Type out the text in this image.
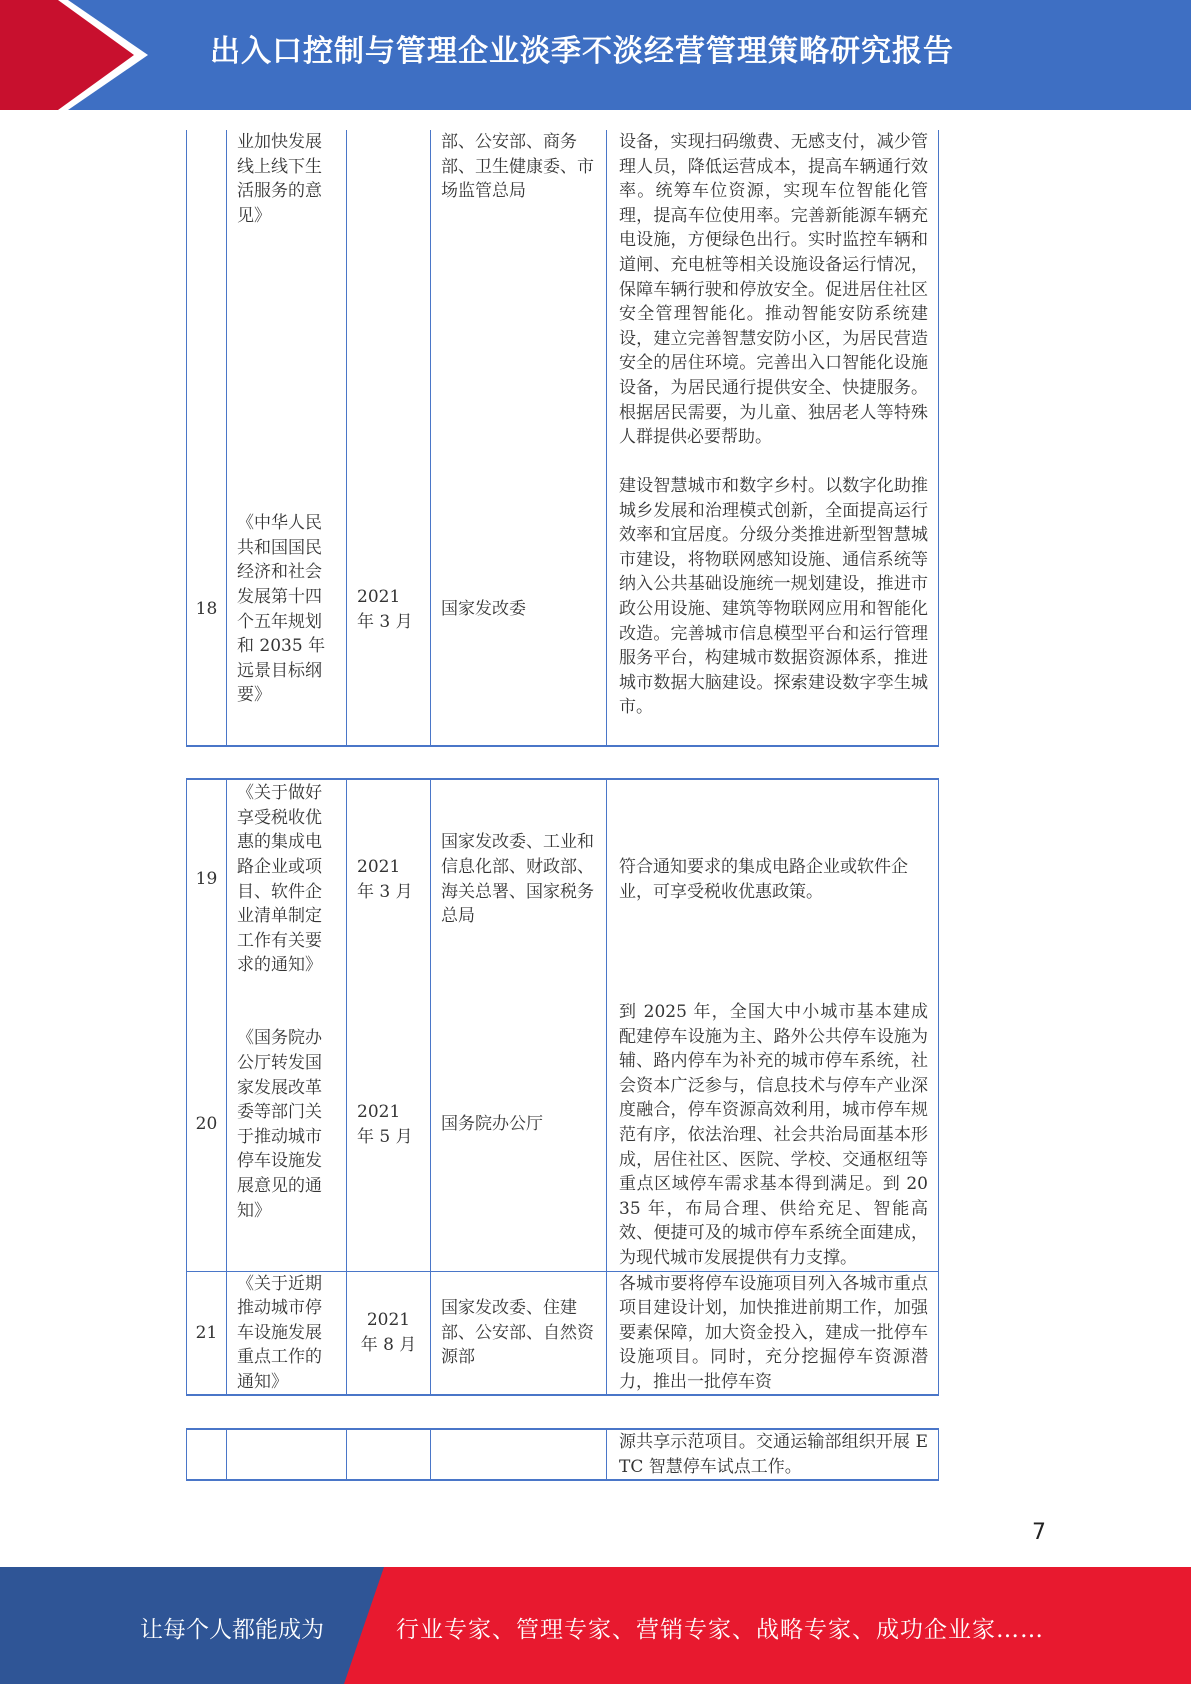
出入口控制与管理企业淡季不淡经营管理策略研究报告
	业加快发展线上线下生活服务的意见》		部、公安部、商务部、卫生健康委、市场监管总局	设备，实现扫码缴费、无感支付，减少管理人员，降低运营成本，提高车辆通行效率。统筹车位资源，实现车位智能化管理，提高车位使用率。完善新能源车辆充电设施，方便绿色出行。实时监控车辆和道闸、充电桩等相关设施设备运行情况，保障车辆行驶和停放安全。促进居住社区安全管理智能化。推动智能安防系统建设，建立完善智慧安防小区，为居民营造安全的居住环境。完善出入口智能化设施设备，为居民通行提供安全、快捷服务。根据居民需要，为儿童、独居老人等特殊人群提供必要帮助。
18	《中华人民共和国国民经济和社会发展第十四个五年规划和 2035 年远景目标纲要》	2021 年 3 月	国家发改委	建设智慧城市和数字乡村。以数字化助推城乡发展和治理模式创新，全面提高运行效率和宜居度。分级分类推进新型智慧城市建设，将物联网感知设施、通信系统等纳入公共基础设施统一规划建设，推进市政公用设施、建筑等物联网应用和智能化改造。完善城市信息模型平台和运行管理服务平台，构建城市数据资源体系，推进城市数据大脑建设。探索建设数字孪生城市。
19	《关于做好享受税收优惠的集成电路企业或项目、软件企业清单制定工作有关要求的通知》	2021 年 3 月	国家发改委、工业和信息化部、财政部、海关总署、国家税务总局	符合通知要求的集成电路企业或软件企业，可享受税收优惠政策。
20	《国务院办公厅转发国家发展改革委等部门关于推动城市停车设施发展意见的通知》	2021 年 5 月	国务院办公厅	到 2025 年，全国大中小城市基本建成配建停车设施为主、路外公共停车设施为辅、路内停车为补充的城市停车系统，社会资本广泛参与，信息技术与停车产业深度融合，停车资源高效利用，城市停车规范有序，依法治理、社会共治局面基本形成，居住社区、医院、学校、交通枢纽等重点区域停车需求基本得到满足。到 2035 年，布局合理、供给充足、智能高效、便捷可及的城市停车系统全面建成，为现代城市发展提供有力支撑。
21	《关于近期推动城市停车设施发展重点工作的通知》	2021 年 8 月	国家发改委、住建部、公安部、自然资源部	各城市要将停车设施项目列入各城市重点项目建设计划，加快推进前期工作，加强要素保障，加大资金投入，建成一批停车设施项目。同时，充分挖掘停车资源潜力，推出一批停车资
				源共享示范项目。交通运输部组织开展 ETC 智慧停车试点工作。
7
让每个人都能成为	行业专家、管理专家、营销专家、战略专家、成功企业家……
